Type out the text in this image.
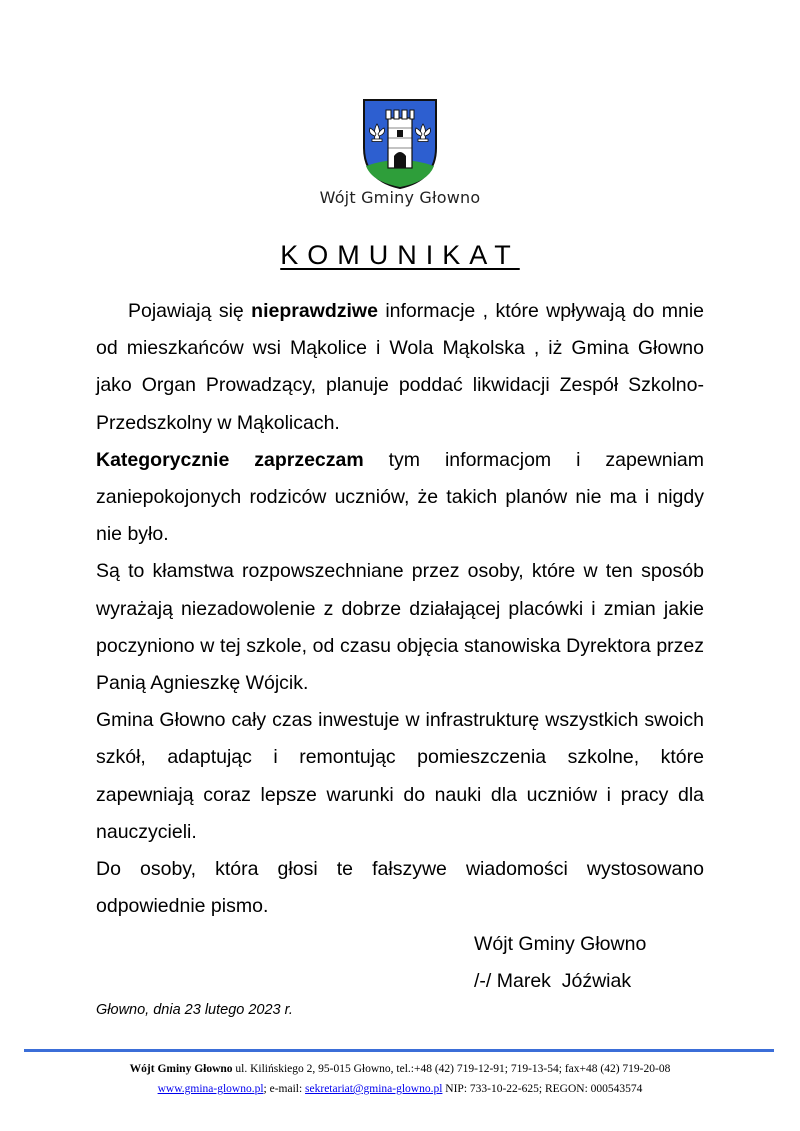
Wójt Gminy Głowno
KOMUNIKAT

Pojawiają się nieprawdziwe informacje , które wpływają do mnie od mieszkańców wsi Mąkolice i Wola Mąkolska , iż Gmina Głowno jako Organ Prowadzący, planuje poddać likwidacji Zespół Szkolno-Przedszkolny w Mąkolicach.

Kategorycznie zaprzeczam tym informacjom i zapewniam zaniepokojonych rodziców uczniów, że takich planów nie ma i nigdy nie było.

Są to kłamstwa rozpowszechniane przez osoby, które w ten sposób wyrażają niezadowolenie z dobrze działającej placówki i zmian jakie poczyniono w tej szkole, od czasu objęcia stanowiska Dyrektora przez Panią Agnieszkę Wójcik.

Gmina Głowno cały czas inwestuje w infrastrukturę wszystkich swoich szkół, adaptując i remontując pomieszczenia szkolne, które zapewniają coraz lepsze warunki do nauki dla uczniów i pracy dla nauczycieli.

Do osoby, która głosi te fałszywe wiadomości wystosowano odpowiednie pismo.

Wójt Gminy Głowno
/-/ Marek  Jóźwiak
Głowno, dnia 23 lutego 2023 r.
Wójt Gminy Głowno ul. Kilińskiego 2, 95-015 Głowno, tel.:+48 (42) 719-12-91; 719-13-54; fax+48 (42) 719-20-08
www.gmina-glowno.pl; e-mail: sekretariat@gmina-glowno.pl NIP: 733-10-22-625; REGON: 000543574
